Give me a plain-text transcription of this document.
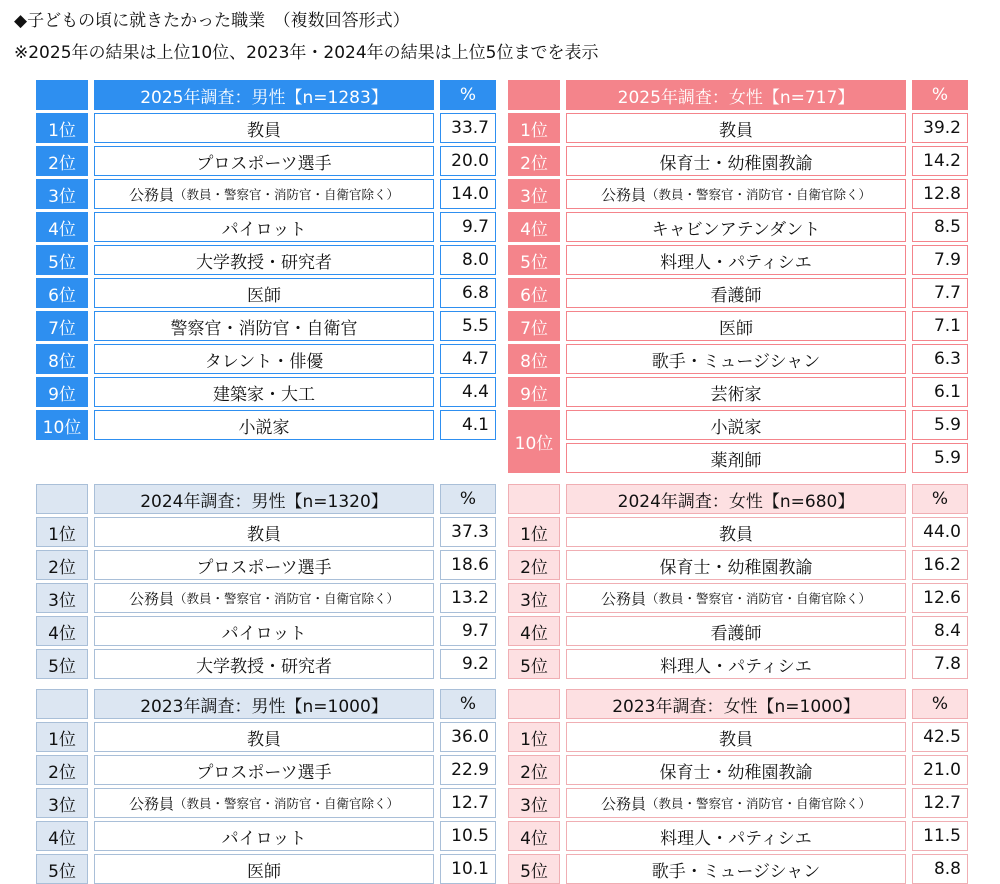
◆子どもの頃に就きたかった職業　（複数回答形式）
※2025年の結果は上位10位、2023年・2024年の結果は上位5位までを表示
2025年調査：男性【n=1283】	%
1位	教員	33.7
2位	プロスポーツ選手	20.0
3位	公務員 （教員・警察官・消防官・自衛官除く）	14.0
4位	パイロット	9.7
5位	大学教授・研究者	8.0
6位	医師	6.8
7位	警察官・消防官・自衛官	5.5
8位	タレント・俳優	4.7
9位	建築家・大工	4.4
10位	小説家	4.1
2025年調査：女性【n=717】	%
1位	教員	39.2
2位	保育士・幼稚園教諭	14.2
3位	公務員 （教員・警察官・消防官・自衛官除く）	12.8
4位	キャビンアテンダント	8.5
5位	料理人・パティシエ	7.9
6位	看護師	7.7
7位	医師	7.1
8位	歌手・ミュージシャン	6.3
9位	芸術家	6.1
10位
小説家	5.9
薬剤師	5.9
2024年調査：男性【n=1320】	%
1位	教員	37.3
2位	プロスポーツ選手	18.6
3位	公務員 （教員・警察官・消防官・自衛官除く）	13.2
4位	パイロット	9.7
5位	大学教授・研究者	9.2
2024年調査：女性【n=680】	%
1位	教員	44.0
2位	保育士・幼稚園教諭	16.2
3位	公務員 （教員・警察官・消防官・自衛官除く）	12.6
4位	看護師	8.4
5位	料理人・パティシエ	7.8
2023年調査：男性【n=1000】	%
1位	教員	36.0
2位	プロスポーツ選手	22.9
3位	公務員 （教員・警察官・消防官・自衛官除く）	12.7
4位	パイロット	10.5
5位	医師	10.1
2023年調査：女性【n=1000】	%
1位	教員	42.5
2位	保育士・幼稚園教諭	21.0
3位	公務員 （教員・警察官・消防官・自衛官除く）	12.7
4位	料理人・パティシエ	11.5
5位	歌手・ミュージシャン	8.8
